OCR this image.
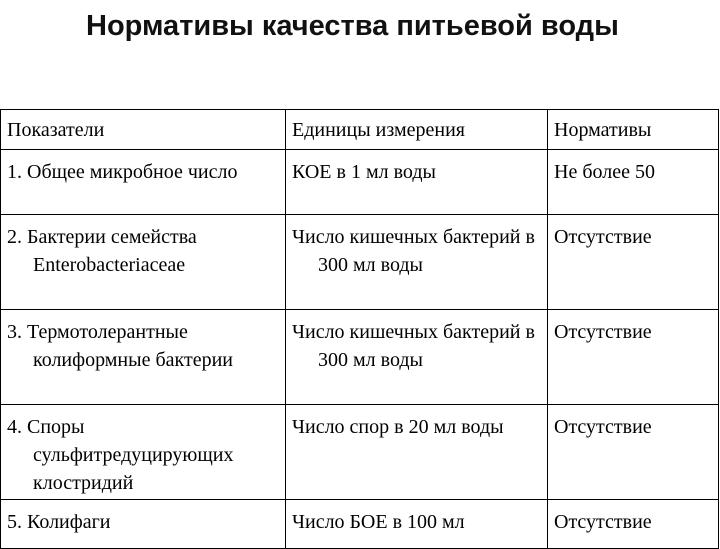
Нормативы качества питьевой воды
Показатели	Единицы измерения	Нормативы

1. Общее микробное число	КОЕ в 1 мл воды	Не более 50

2. Бактерии семейства Enterobacteriaceae	Число кишечных бактерий в 300 мл воды	Отсутствие

3. Термотолерантные колиформные бактерии	Число кишечных бактерий в 300 мл воды	Отсутствие

4. Споры сульфитредуцирующих клостридий	Число спор в 20 мл воды	Отсутствие

5. Колифаги	Число БОЕ в 100 мл	Отсутствие
